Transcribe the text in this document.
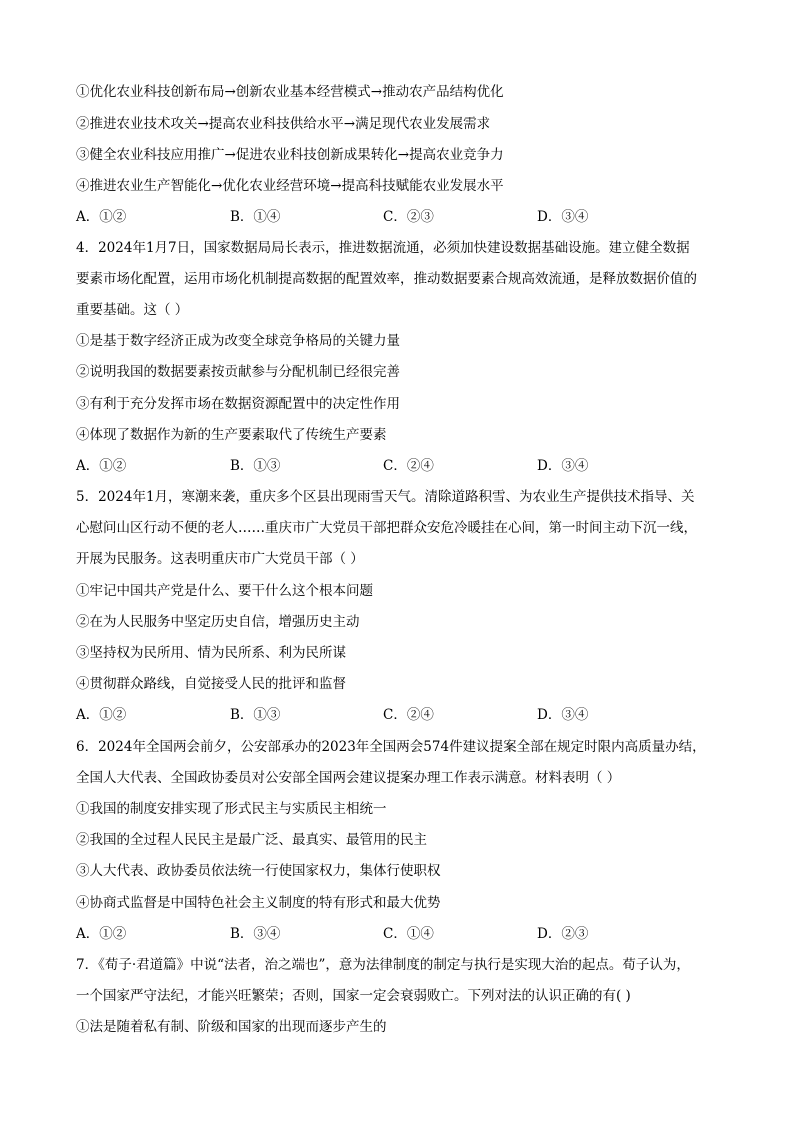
①优化农业科技创新布局→创新农业基本经营模式→推动农产品结构优化
②推进农业技术攻关→提高农业科技供给水平→满足现代农业发展需求
③健全农业科技应用推广→促进农业科技创新成果转化→提高农业竞争力
④推进农业生产智能化→优化农业经营环境→提高科技赋能农业发展水平
A．①②	B．①④	C．②③	D．③④
4．2024年1月7日，国家数据局局长表示，推进数据流通，必须加快建设数据基础设施。建立健全数据
要素市场化配置，运用市场化机制提高数据的配置效率，推动数据要素合规高效流通，是释放数据价值的
重要基础。这（ ）
①是基于数字经济正成为改变全球竞争格局的关键力量
②说明我国的数据要素按贡献参与分配机制已经很完善
③有利于充分发挥市场在数据资源配置中的决定性作用
④体现了数据作为新的生产要素取代了传统生产要素
A．①②	B．①③	C．②④	D．③④
5．2024年1月，寒潮来袭，重庆多个区县出现雨雪天气。清除道路积雪、为农业生产提供技术指导、关
心慰问山区行动不便的老人……重庆市广大党员干部把群众安危冷暖挂在心间，第一时间主动下沉一线，
开展为民服务。这表明重庆市广大党员干部（ ）
①牢记中国共产党是什么、要干什么这个根本问题
②在为人民服务中坚定历史自信，增强历史主动
③坚持权为民所用、情为民所系、利为民所谋
④贯彻群众路线，自觉接受人民的批评和监督
A．①②	B．①③	C．②④	D．③④
6．2024年全国两会前夕，公安部承办的2023年全国两会574件建议提案全部在规定时限内高质量办结，
全国人大代表、全国政协委员对公安部全国两会建议提案办理工作表示满意。材料表明（ ）
①我国的制度安排实现了形式民主与实质民主相统一
②我国的全过程人民民主是最广泛、最真实、最管用的民主
③人大代表、政协委员依法统一行使国家权力，集体行使职权
④协商式监督是中国特色社会主义制度的特有形式和最大优势
A．①②	B．③④	C．①④	D．②③
7．《荀子·君道篇》中说“法者，治之端也”，意为法律制度的制定与执行是实现大治的起点。荀子认为，
一个国家严守法纪，才能兴旺繁荣；否则，国家一定会衰弱败亡。下列对法的认识正确的有( )
①法是随着私有制、阶级和国家的出现而逐步产生的
